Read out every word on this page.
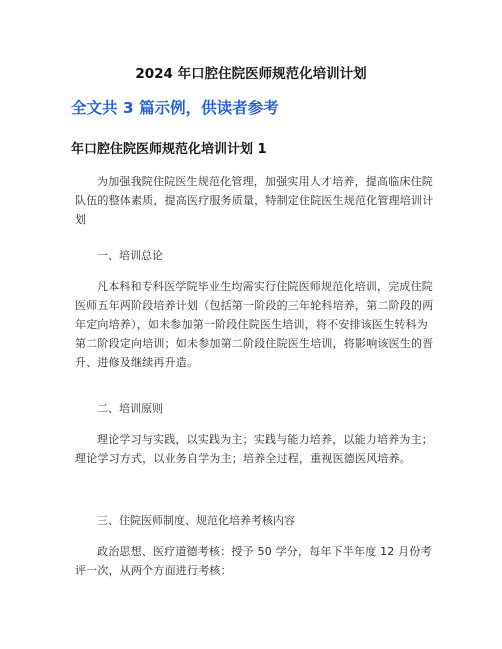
2024 年口腔住院医师规范化培训计划
全文共 3 篇示例，供读者参考
年口腔住院医师规范化培训计划 1
为加强我院住院医生规范化管理，加强实用人才培养，提高临床住院队伍的整体素质，提高医疗服务质量，特制定住院医生规范化管理培训计划
一、培训总论
凡本科和专科医学院毕业生均需实行住院医师规范化培训，完成住院医师五年两阶段培养计划（包括第一阶段的三年轮科培养，第二阶段的两年定向培养），如未参加第一阶段住院医生培训，将不安排该医生转科为第二阶段定向培训；如未参加第二阶段住院医生培训，将影响该医生的晋升、进修及继续再升造。
二、培训原则
理论学习与实践，以实践为主；实践与能力培养，以能力培养为主；理论学习方式，以业务自学为主；培养全过程，重视医德医风培养。
三、住院医师制度、规范化培养考核内容
政治思想、医疗道德考核：授予 50 学分，每年下半年度 12 月份考评一次，从两个方面进行考核：
